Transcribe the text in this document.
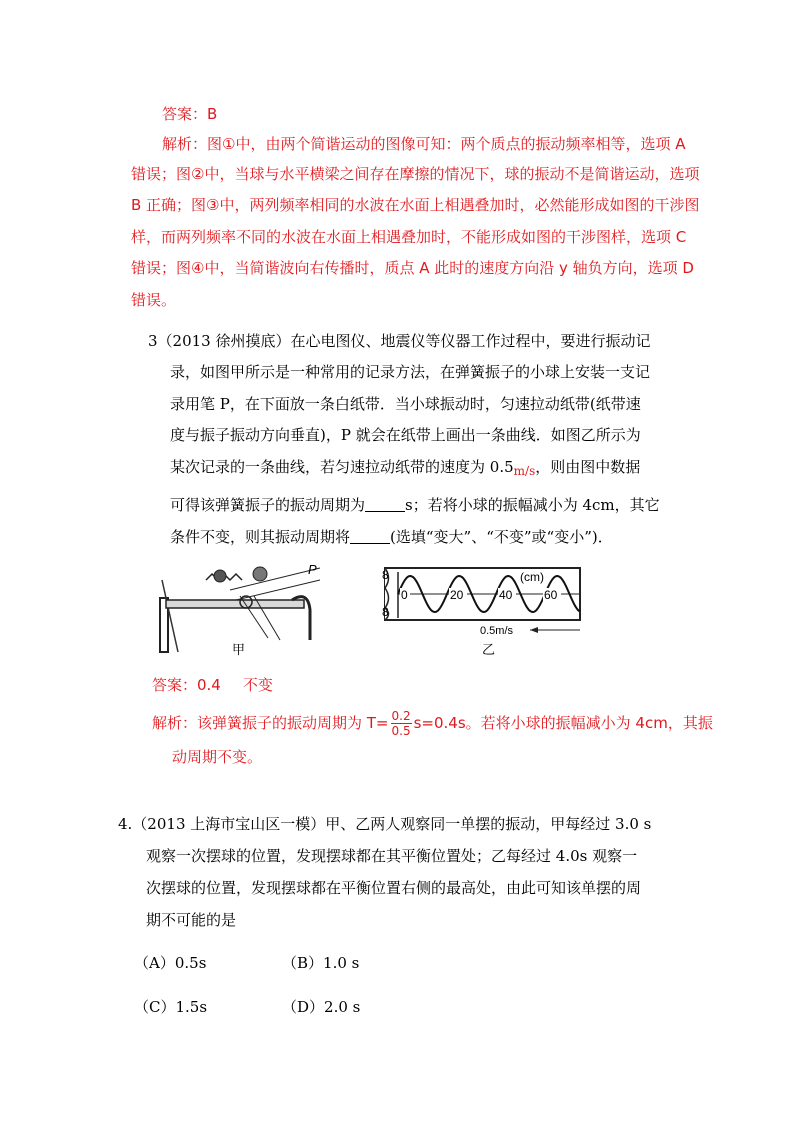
答案：B
解析：图①中，由两个简谐运动的图像可知：两个质点的振动频率相等，选项 A
错误；图②中，当球与水平横梁之间存在摩擦的情况下，球的振动不是简谐运动，选项
B 正确；图③中，两列频率相同的水波在水面上相遇叠加时，必然能形成如图的干涉图
样，而两列频率不同的水波在水面上相遇叠加时，不能形成如图的干涉图样，选项 C
错误；图④中，当简谐波向右传播时，质点 A 此时的速度方向沿 y 轴负方向，选项 D
错误。
3（2013 徐州摸底）在心电图仪、地震仪等仪器工作过程中，要进行振动记
录，如图甲所示是一种常用的记录方法，在弹簧振子的小球上安装一支记
录用笔 P，在下面放一条白纸带．当小球振动时，匀速拉动纸带(纸带速
度与振子振动方向垂直)，P 就会在纸带上画出一条曲线．如图乙所示为
某次记录的一条曲线，若匀速拉动纸带的速度为 $0.5_{m/s}$，则由图中数据
可得该弹簧振子的振动周期为	s；若将小球的振幅减小为 4cm，其它
条件不变，则其振动周期将	(选填“变大”、“不变”或“变小”)．
P
甲
8
8
(cm)
0	20	40	60
0.5m/s
乙
答案：0.4 不变
解析：该弹簧振子的振动周期为 $T= \frac{0.2}{0.5} s=0.4s$。若将小球的振幅减小为 4cm，其振
动周期不变。
4.（2013 上海市宝山区一模）甲、乙两人观察同一单摆的振动，甲每经过 3.0 s
观察一次摆球的位置，发现摆球都在其平衡位置处；乙每经过 4.0s 观察一
次摆球的位置，发现摆球都在平衡位置右侧的最高处，由此可知该单摆的周
期不可能的是
（A）0.5s	（B）1.0 s
（C）1.5s	（D）2.0 s
